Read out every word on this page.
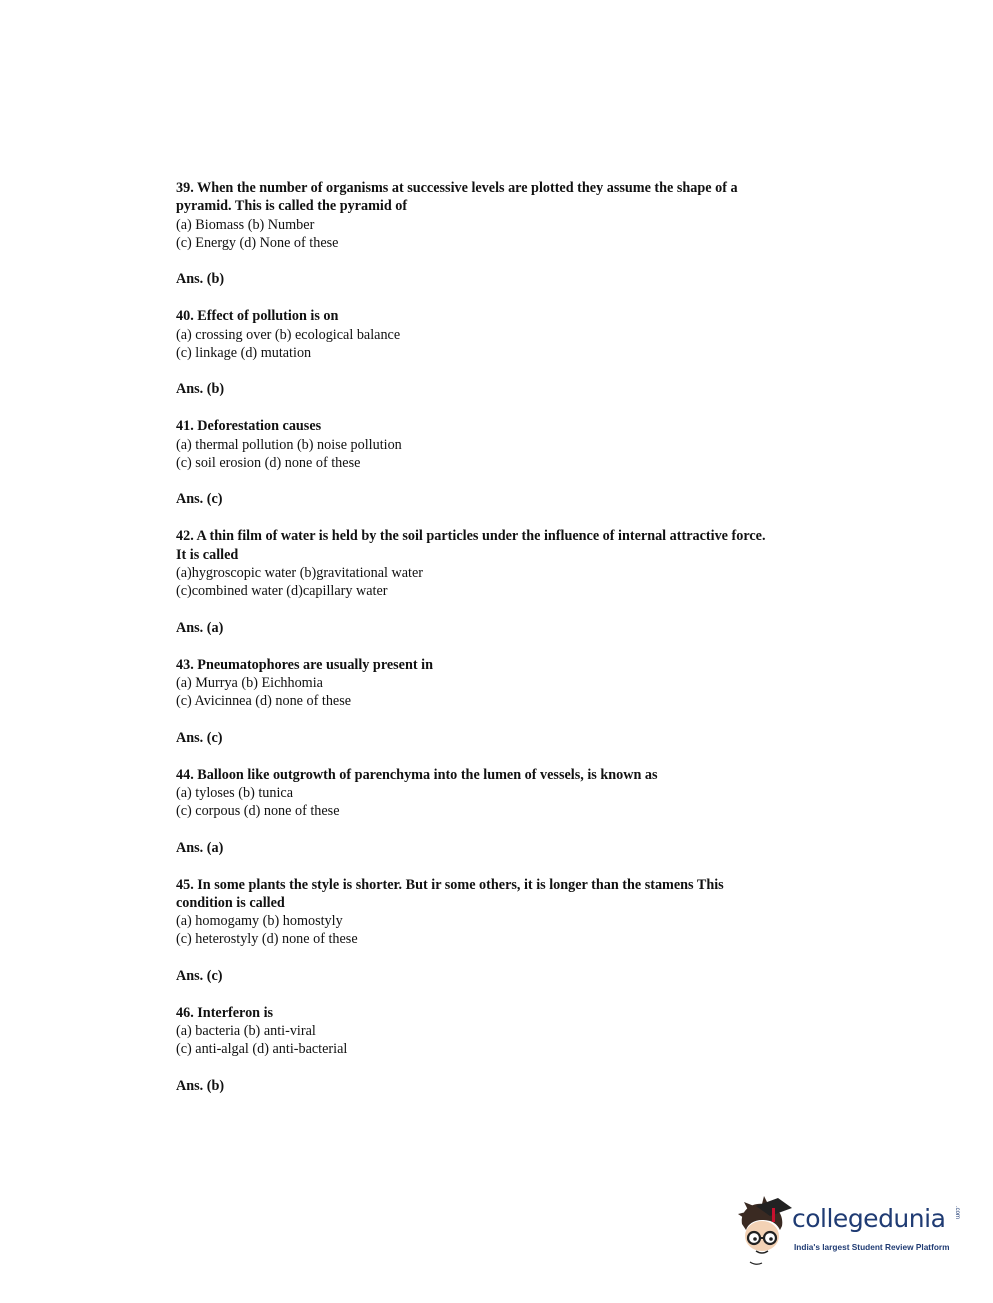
39. When the number of organisms at successive levels are plotted they assume the shape of a
pyramid. This is called the pyramid of
(a) Biomass (b) Number
(c) Energy (d) None of these
Ans. (b)
40. Effect of pollution is on
(a) crossing over (b) ecological balance
(c) linkage (d) mutation
Ans. (b)
41. Deforestation causes
(a) thermal pollution (b) noise pollution
(c) soil erosion (d) none of these
Ans. (c)
42. A thin film of water is held by the soil particles under the influence of internal attractive force.
It is called
(a)hygroscopic water (b)gravitational water
(c)combined water (d)capillary water
Ans. (a)
43. Pneumatophores are usually present in
(a) Murrya (b) Eichhomia
(c) Avicinnea (d) none of these
Ans. (c)
44. Balloon like outgrowth of parenchyma into the lumen of vessels, is known as
(a) tyloses (b) tunica
(c) corpous (d) none of these
Ans. (a)
45. In some plants the style is shorter. But ir some others, it is longer than the stamens This
condition is called
(a) homogamy (b) homostyly
(c) heterostyly (d) none of these
Ans. (c)
46. Interferon is
(a) bacteria (b) anti-viral
(c) anti-algal (d) anti-bacterial
Ans. (b)
collegedunia .com
India's largest Student Review Platform
